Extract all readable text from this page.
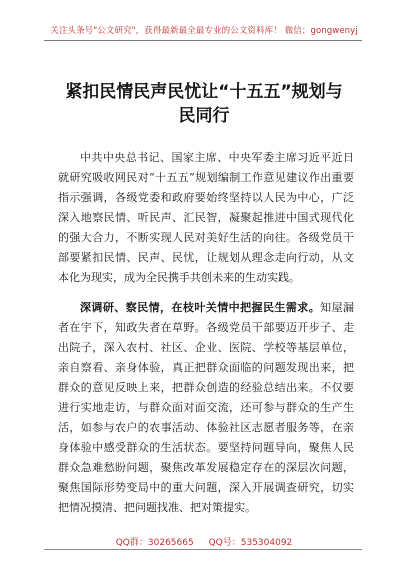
关注头条号"公文研究"，获得最新最全最专业的公文资料库！ 微信：gongwenyj
紧扣民情民声民忧让“十五五”规划与民同行

中共中央总书记、国家主席、中央军委主席习近平近日就研究吸收网民对“十五五”规划编制工作意见建议作出重要指示强调，各级党委和政府要始终坚持以人民为中心，广泛深入地察民情、听民声、汇民智，凝聚起推进中国式现代化的强大合力，不断实现人民对美好生活的向往。各级党员干部要紧扣民情、民声、民忧，让规划从理念走向行动，从文本化为现实，成为全民携手共创未来的生动实践。

深调研、察民情，在枝叶关情中把握民生需求。知屋漏者在宇下，知政失者在草野。各级党员干部要迈开步子、走出院子，深入农村、社区、企业、医院、学校等基层单位，亲自察看、亲身体验，真正把群众面临的问题发现出来，把群众的意见反映上来，把群众创造的经验总结出来。不仅要进行实地走访，与群众面对面交流，还可参与群众的生产生活，如参与农户的农事活动、体验社区志愿者服务等，在亲身体验中感受群众的生活状态。要坚持问题导向，聚焦人民群众急难愁盼问题，聚焦改革发展稳定存在的深层次问题，聚焦国际形势变局中的重大问题，深入开展调查研究，切实把情况摸清、把问题找准、把对策提实。

QQ群：30265665 QQ号：535304092
